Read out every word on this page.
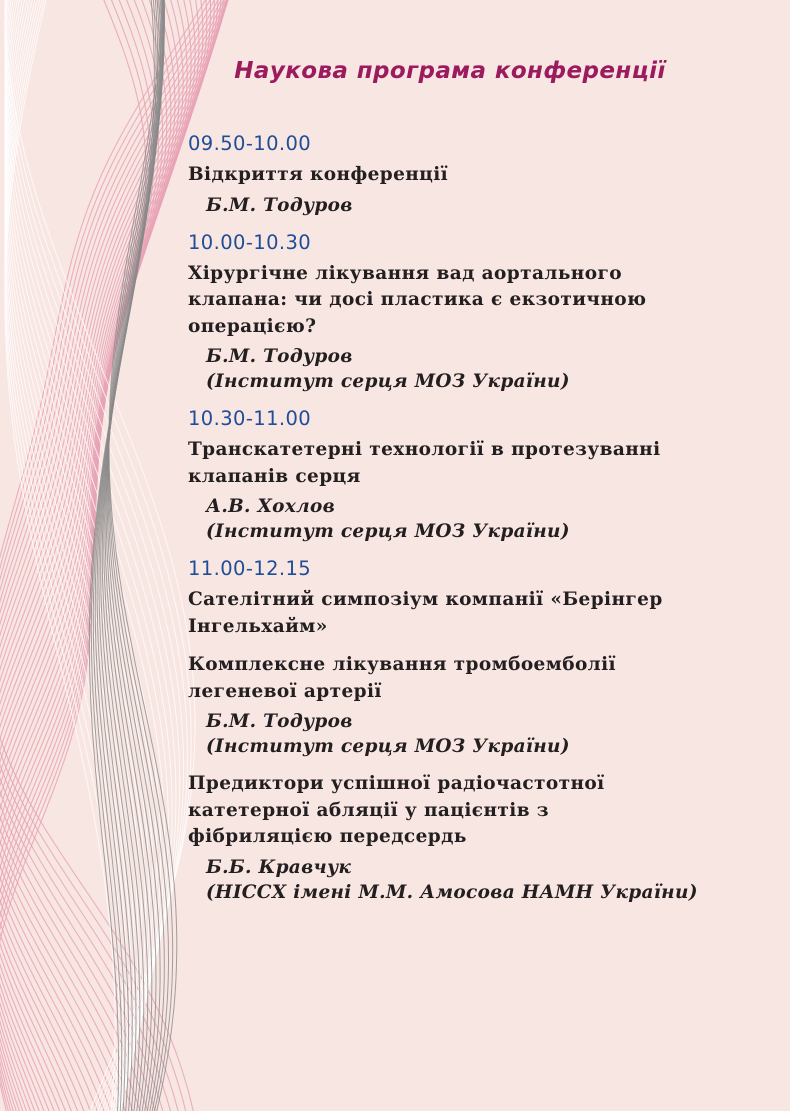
Наукова програма конференції
09.50-10.00
Відкриття конференції
Б.М. Тодуров
10.00-10.30
Хірургічне лікування вад аортального
клапана: чи досі пластика є екзотичною
операцією?
Б.М. Тодуров
(Інститут серця МОЗ України)
10.30-11.00
Транскатетерні технології в протезуванні
клапанів серця
А.В. Хохлов
(Інститут серця МОЗ України)
11.00-12.15
Сателітний симпозіум компанії «Берінгер
Інгельхайм»
Комплексне лікування тромбоемболії
легеневої артерії
Б.М. Тодуров
(Інститут серця МОЗ України)
Предиктори успішної радіочастотної
катетерної абляції у пацієнтів з
фібриляцією передсердь
Б.Б. Кравчук
(НІССХ імені М.М. Амосова НАМН України)
